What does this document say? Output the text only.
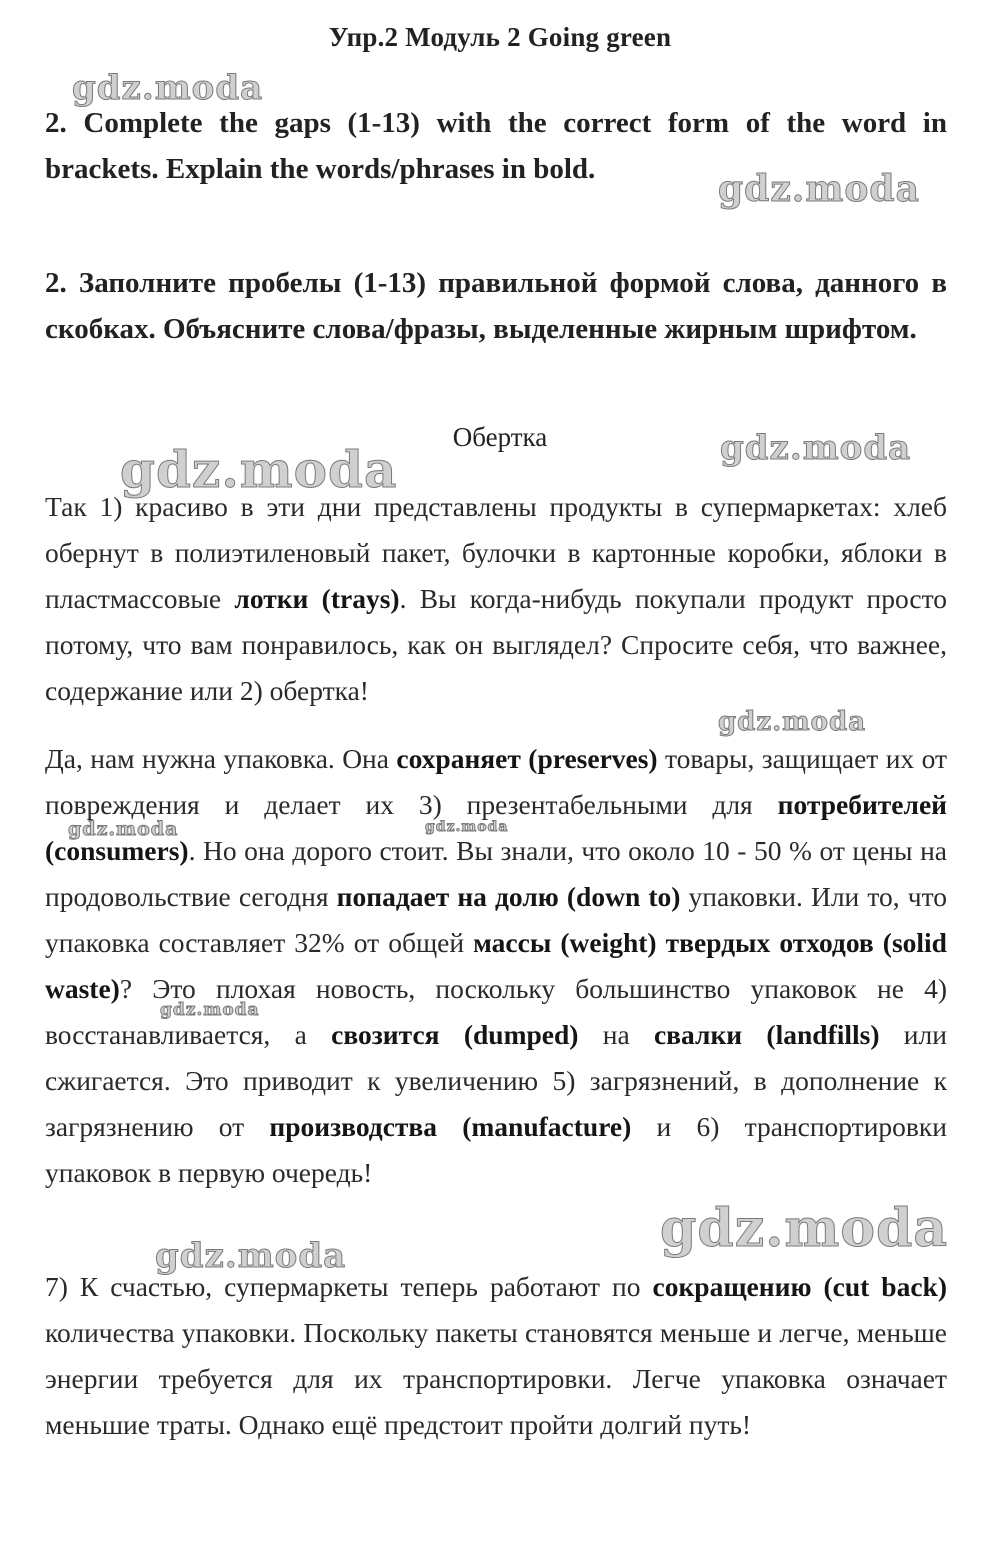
Упр.2 Модуль 2 Going green
2. Complete the gaps (1-13) with the correct form of the word in brackets. Explain the words/phrases in bold.
2. Заполните пробелы (1-13) правильной формой слова, данного в скобках. Объясните слова/фразы, выделенные жирным шрифтом.
Обертка
Так 1) красиво в эти дни представлены продукты в супермаркетах: хлеб обернут в полиэтиленовый пакет, булочки в картонные коробки, яблоки в пластмассовые лотки (trays). Вы когда-нибудь покупали продукт просто потому, что вам понравилось, как он выглядел? Спросите себя, что важнее, содержание или 2) обертка!
Да, нам нужна упаковка. Она сохраняет (preserves) товары, защищает их от повреждения и делает их 3) презентабельными для потребителей (consumers). Но она дорого стоит. Вы знали, что около 10 - 50 % от цены на продовольствие сегодня попадает на долю (down to) упаковки. Или то, что упаковка составляет 32% от общей массы (weight) твердых отходов (solid waste)? Это плохая новость, поскольку большинство упаковок не 4) восстанавливается, а свозится (dumped) на свалки (landfills) или сжигается. Это приводит к увеличению 5) загрязнений, в дополнение к загрязнению от производства (manufacture) и 6) транспортировки упаковок в первую очередь!
7) К счастью, супермаркеты теперь работают по сокращению (cut back) количества упаковки. Поскольку пакеты становятся меньше и легче, меньше энергии требуется для их транспортировки. Легче упаковка означает меньшие траты. Однако ещё предстоит пройти долгий путь!
gdz.moda
gdz.moda
gdz.moda	gdz.moda
gdz.moda
gdz.moda	gdz.moda
gdz.moda
gdz.moda
gdz.moda
